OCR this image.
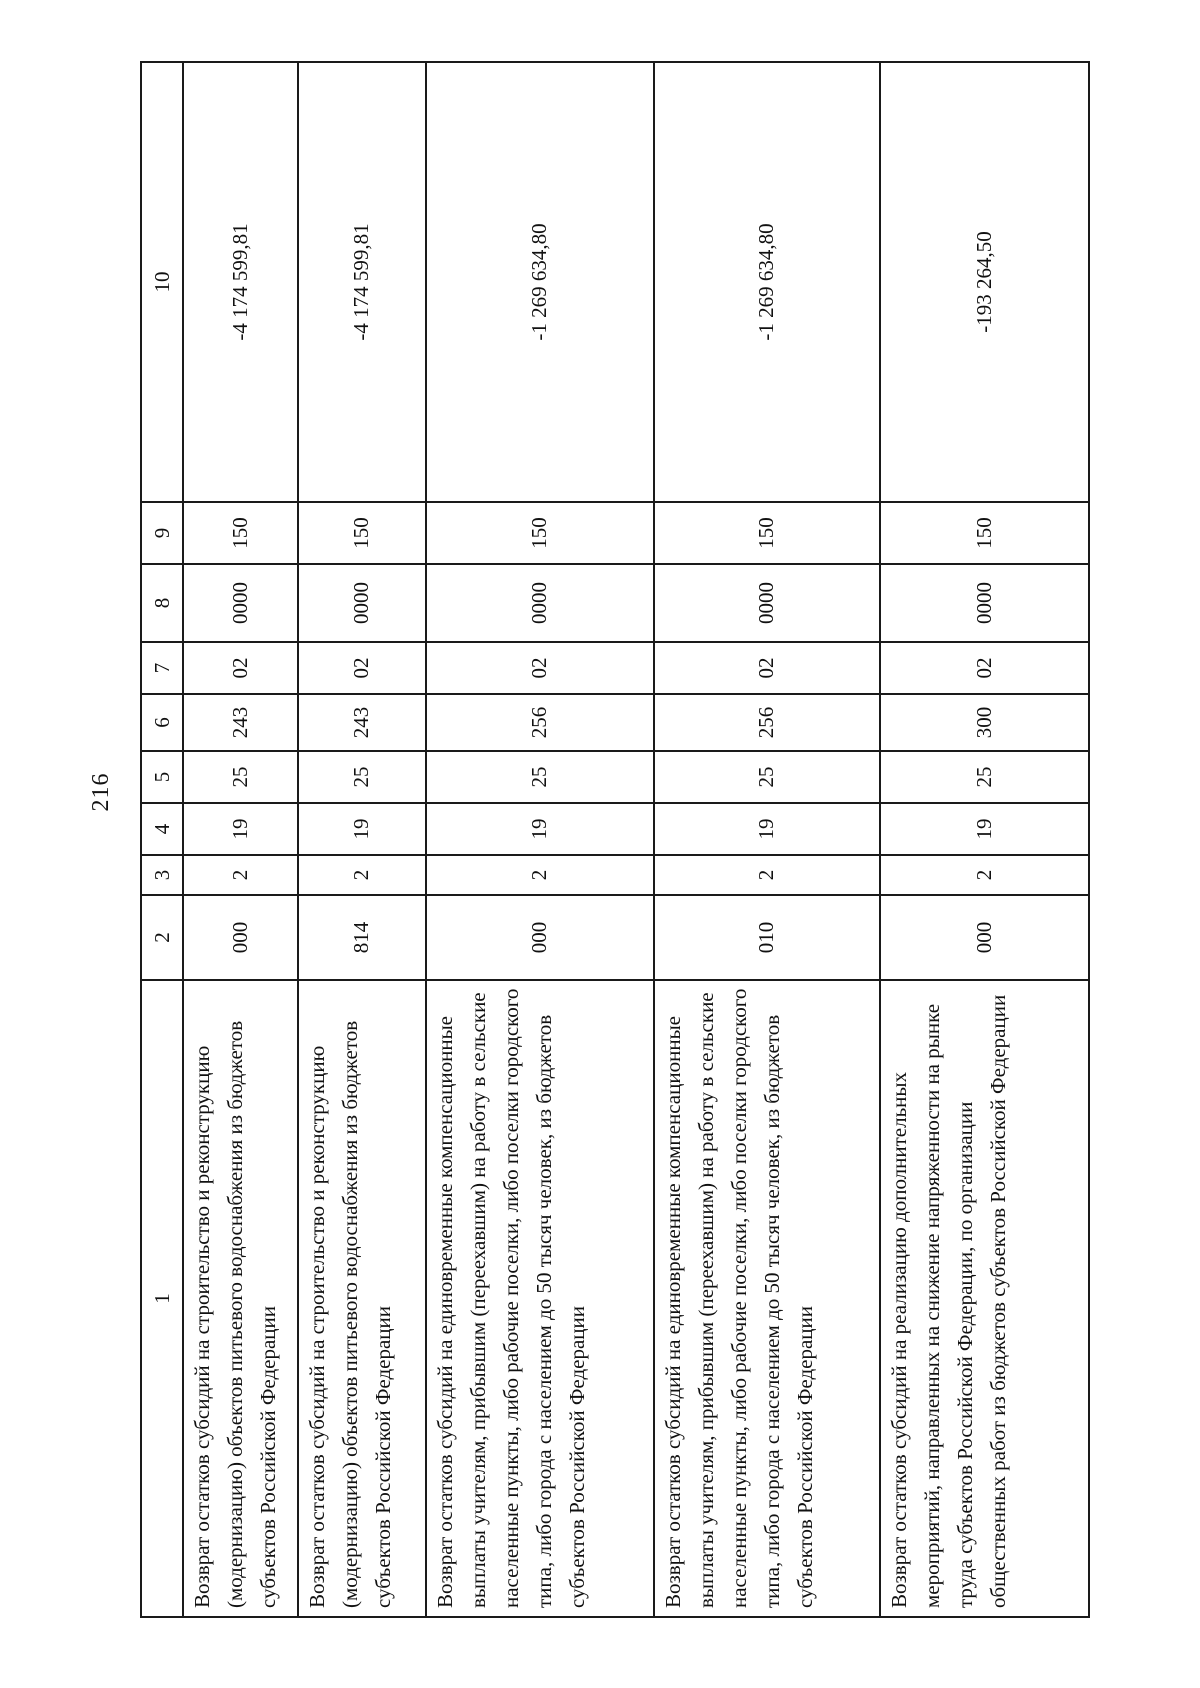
216
1	2	3	4	5	6	7	8	9	10
Возврат остатков субсидий на строительство и реконструкцию (модернизацию) объектов питьевого водоснабжения из бюджетов субъектов Российской Федерации	000	2	19	25	243	02	0000	150	-4 174 599,81
Возврат остатков субсидий на строительство и реконструкцию (модернизацию) объектов питьевого водоснабжения из бюджетов субъектов Российской Федерации	814	2	19	25	243	02	0000	150	-4 174 599,81
Возврат остатков субсидий на единовременные компенсационные выплаты учителям, прибывшим (переехавшим) на работу в сельские населенные пункты, либо рабочие поселки, либо поселки городского типа, либо города с населением до 50 тысяч человек, из бюджетов субъектов Российской Федерации	000	2	19	25	256	02	0000	150	-1 269 634,80
Возврат остатков субсидий на единовременные компенсационные выплаты учителям, прибывшим (переехавшим) на работу в сельские населенные пункты, либо рабочие поселки, либо поселки городского типа, либо города с населением до 50 тысяч человек, из бюджетов субъектов Российской Федерации	010	2	19	25	256	02	0000	150	-1 269 634,80
Возврат остатков субсидий на реализацию дополнительных мероприятий, направленных на снижение напряженности на рынке труда субъектов Российской Федерации, по организации общественных работ из бюджетов субъектов Российской Федерации	000	2	19	25	300	02	0000	150	-193 264,50
